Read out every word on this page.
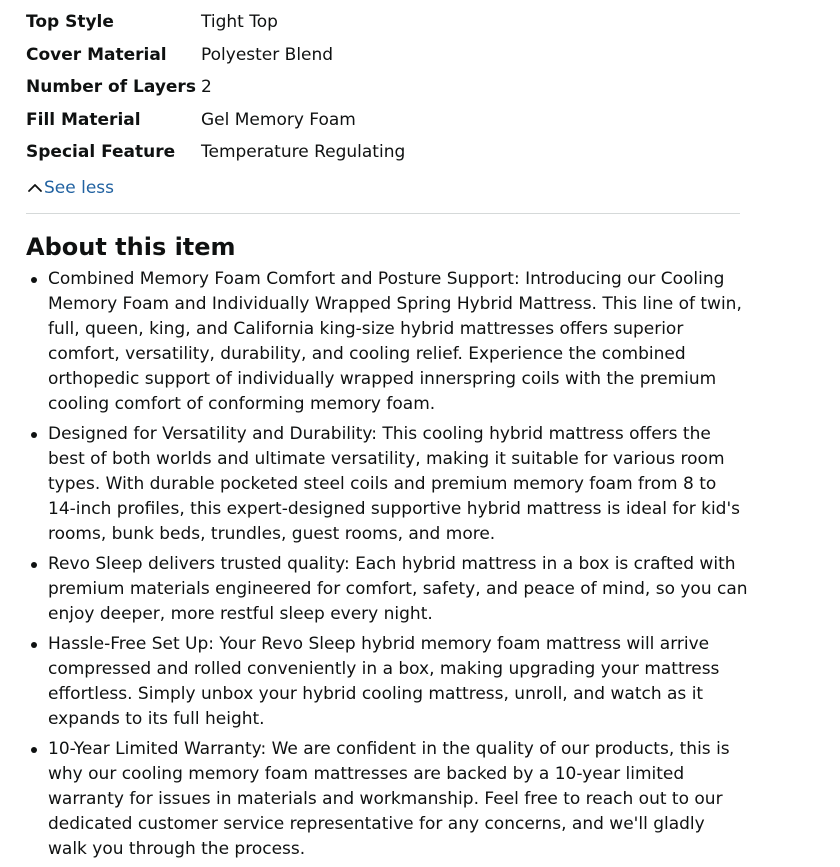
Top Style	Tight Top
Cover Material	Polyester Blend
Number of Layers 2
Fill Material	Gel Memory Foam
Special Feature	Temperature Regulating
See less
About this item
Combined Memory Foam Comfort and Posture Support: Introducing our Cooling Memory Foam and Individually Wrapped Spring Hybrid Mattress. This line of twin, full, queen, king, and California king-size hybrid mattresses offers superior comfort, versatility, durability, and cooling relief. Experience the combined orthopedic support of individually wrapped innerspring coils with the premium cooling comfort of conforming memory foam.
Designed for Versatility and Durability: This cooling hybrid mattress offers the best of both worlds and ultimate versatility, making it suitable for various room types. With durable pocketed steel coils and premium memory foam from 8 to 14-inch profiles, this expert-designed supportive hybrid mattress is ideal for kid's rooms, bunk beds, trundles, guest rooms, and more.
Revo Sleep delivers trusted quality: Each hybrid mattress in a box is crafted with premium materials engineered for comfort, safety, and peace of mind, so you can enjoy deeper, more restful sleep every night.
Hassle-Free Set Up: Your Revo Sleep hybrid memory foam mattress will arrive compressed and rolled conveniently in a box, making upgrading your mattress effortless. Simply unbox your hybrid cooling mattress, unroll, and watch as it expands to its full height.
10-Year Limited Warranty: We are confident in the quality of our products, this is why our cooling memory foam mattresses are backed by a 10-year limited warranty for issues in materials and workmanship. Feel free to reach out to our dedicated customer service representative for any concerns, and we'll gladly walk you through the process.
